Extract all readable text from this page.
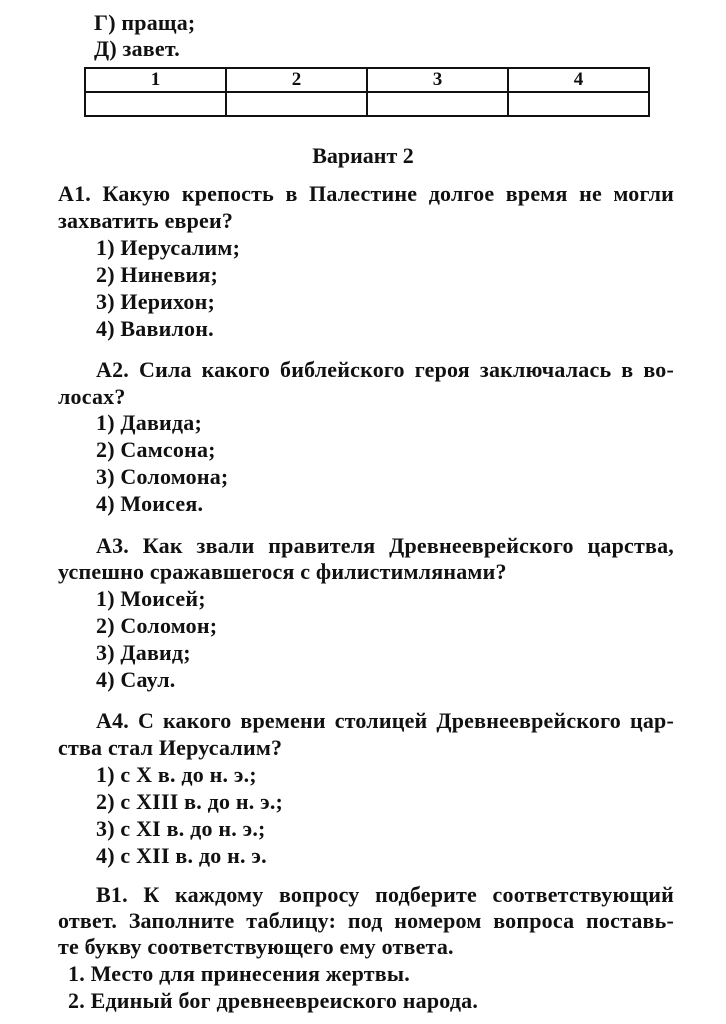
Г) праща;
Д) завет.
1	2	3	4

Вариант 2
А1. Какую крепость в Палестине долгое время не могли
захватить евреи?
1) Иерусалим;
2) Ниневия;
3) Иерихон;
4) Вавилон.
А2. Сила какого библейского героя заключалась в во-
лосах?
1) Давида;
2) Самсона;
3) Соломона;
4) Моисея.
А3. Как звали правителя Древнееврейского царства,
успешно сражавшегося с филистимлянами?
1) Моисей;
2) Соломон;
3) Давид;
4) Саул.
А4. С какого времени столицей Древнееврейского цар-
ства стал Иерусалим?
1) с X в. до н. э.;
2) с XIII в. до н. э.;
3) с XI в. до н. э.;
4) с XII в. до н. э.
В1. К каждому вопросу подберите соответствующий
ответ. Заполните таблицу: под номером вопроса поставь-
те букву соответствующего ему ответа.
1. Место для принесения жертвы.
2. Единый бог древнеевреиского народа.
